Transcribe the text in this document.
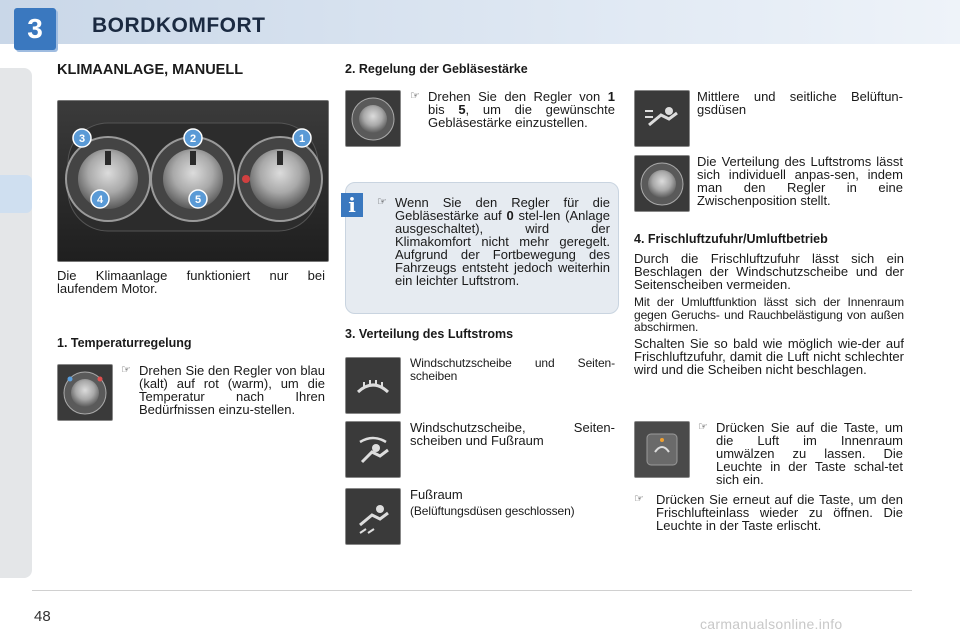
3	BORDKOMFORT
KLIMAANLAGE, MANUELL
3	2	1
4	5
Die Klimaanlage funktioniert nur bei laufendem Motor.
1. Temperaturregelung
☞ Drehen Sie den Regler von blau (kalt) auf rot (warm), um die Temperatur nach Ihren Bedürfnissen einzu-stellen.
2. Regelung der Gebläsestärke
☞ Drehen Sie den Regler von 1 bis 5, um die gewünschte Gebläsestärke einzustellen.
i	☞ Wenn Sie den Regler für die Gebläsestärke auf 0 stel-len (Anlage ausgeschaltet), wird der Klimakomfort nicht mehr geregelt. Aufgrund der Fortbewegung des Fahrzeugs entsteht jedoch weiterhin ein leichter Luftstrom.
3. Verteilung des Luftstroms
Windschutzscheibe und Seiten-scheiben
Windschutzscheibe, Seiten-scheiben und Fußraum
Fußraum
(Belüftungsdüsen geschlossen)
Mittlere und seitliche Belüftun-gsdüsen
Die Verteilung des Luftstroms lässt sich individuell anpas-sen, indem man den Regler in eine Zwischenposition stellt.
4. Frischluftzufuhr/Umluftbetrieb
Durch die Frischluftzufuhr lässt sich ein Beschlagen der Windschutzscheibe und der Seitenscheiben vermeiden.
Mit der Umluftfunktion lässt sich der Innenraum gegen Geruchs- und Rauchbelästigung von außen abschirmen.
Schalten Sie so bald wie möglich wie-der auf Frischluftzufuhr, damit die Luft nicht schlechter wird und die Scheiben nicht beschlagen.
☞ Drücken Sie auf die Taste, um die Luft im Innenraum umwälzen zu lassen. Die Leuchte in der Taste schal-tet sich ein.
☞ Drücken Sie erneut auf die Taste, um den Frischlufteinlass wieder zu öffnen. Die Leuchte in der Taste erlischt.
48	carmanualsonline.info
